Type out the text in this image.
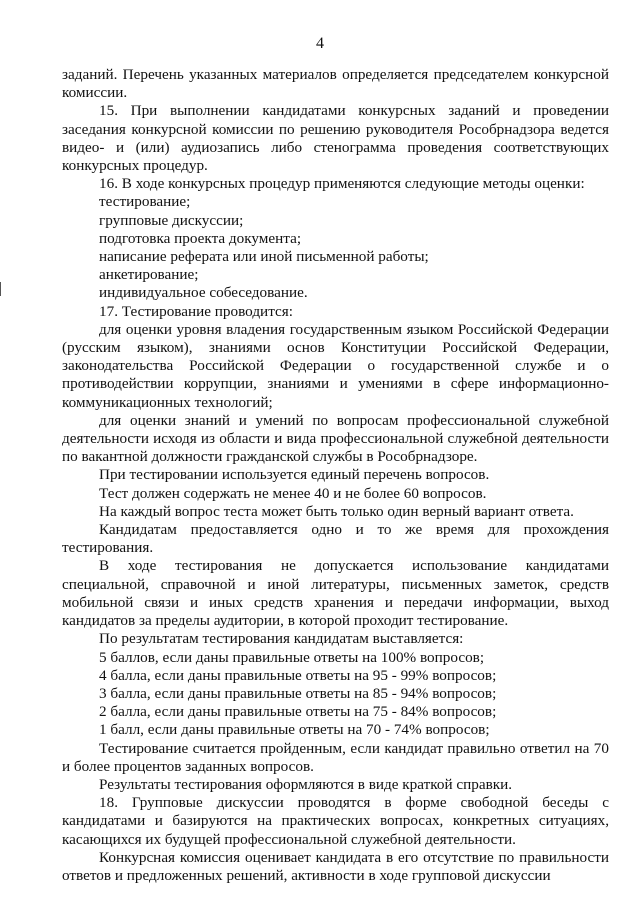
4

заданий. Перечень указанных материалов определяется председателем конкурсной комиссии.

15. При выполнении кандидатами конкурсных заданий и проведении заседания конкурсной комиссии по решению руководителя Рособрнадзора ведется видео- и (или) аудиозапись либо стенограмма проведения соответствующих конкурсных процедур.

16. В ходе конкурсных процедур применяются следующие методы оценки:

тестирование;

групповые дискуссии;

подготовка проекта документа;

написание реферата или иной письменной работы;

анкетирование;

индивидуальное собеседование.

17. Тестирование проводится:

для оценки уровня владения государственным языком Российской Федерации (русским языком), знаниями основ Конституции Российской Федерации, законодательства Российской Федерации о государственной службе и о противодействии коррупции, знаниями и умениями в сфере информационно-коммуникационных технологий;

для оценки знаний и умений по вопросам профессиональной служебной деятельности исходя из области и вида профессиональной служебной деятельности по вакантной должности гражданской службы в Рособрнадзоре.

При тестировании используется единый перечень вопросов.

Тест должен содержать не менее 40 и не более 60 вопросов.

На каждый вопрос теста может быть только один верный вариант ответа.

Кандидатам предоставляется одно и то же время для прохождения тестирования.

В ходе тестирования не допускается использование кандидатами специальной, справочной и иной литературы, письменных заметок, средств мобильной связи и иных средств хранения и передачи информации, выход кандидатов за пределы аудитории, в которой проходит тестирование.

По результатам тестирования кандидатам выставляется:

5 баллов, если даны правильные ответы на 100% вопросов;

4 балла, если даны правильные ответы на 95 - 99% вопросов;

3 балла, если даны правильные ответы на 85 - 94% вопросов;

2 балла, если даны правильные ответы на 75 - 84% вопросов;

1 балл, если даны правильные ответы на 70 - 74% вопросов;

Тестирование считается пройденным, если кандидат правильно ответил на 70 и более процентов заданных вопросов.

Результаты тестирования оформляются в виде краткой справки.

18. Групповые дискуссии проводятся в форме свободной беседы с кандидатами и базируются на практических вопросах, конкретных ситуациях, касающихся их будущей профессиональной служебной деятельности.

Конкурсная комиссия оценивает кандидата в его отсутствие по правильности ответов и предложенных решений, активности в ходе групповой дискуссии
